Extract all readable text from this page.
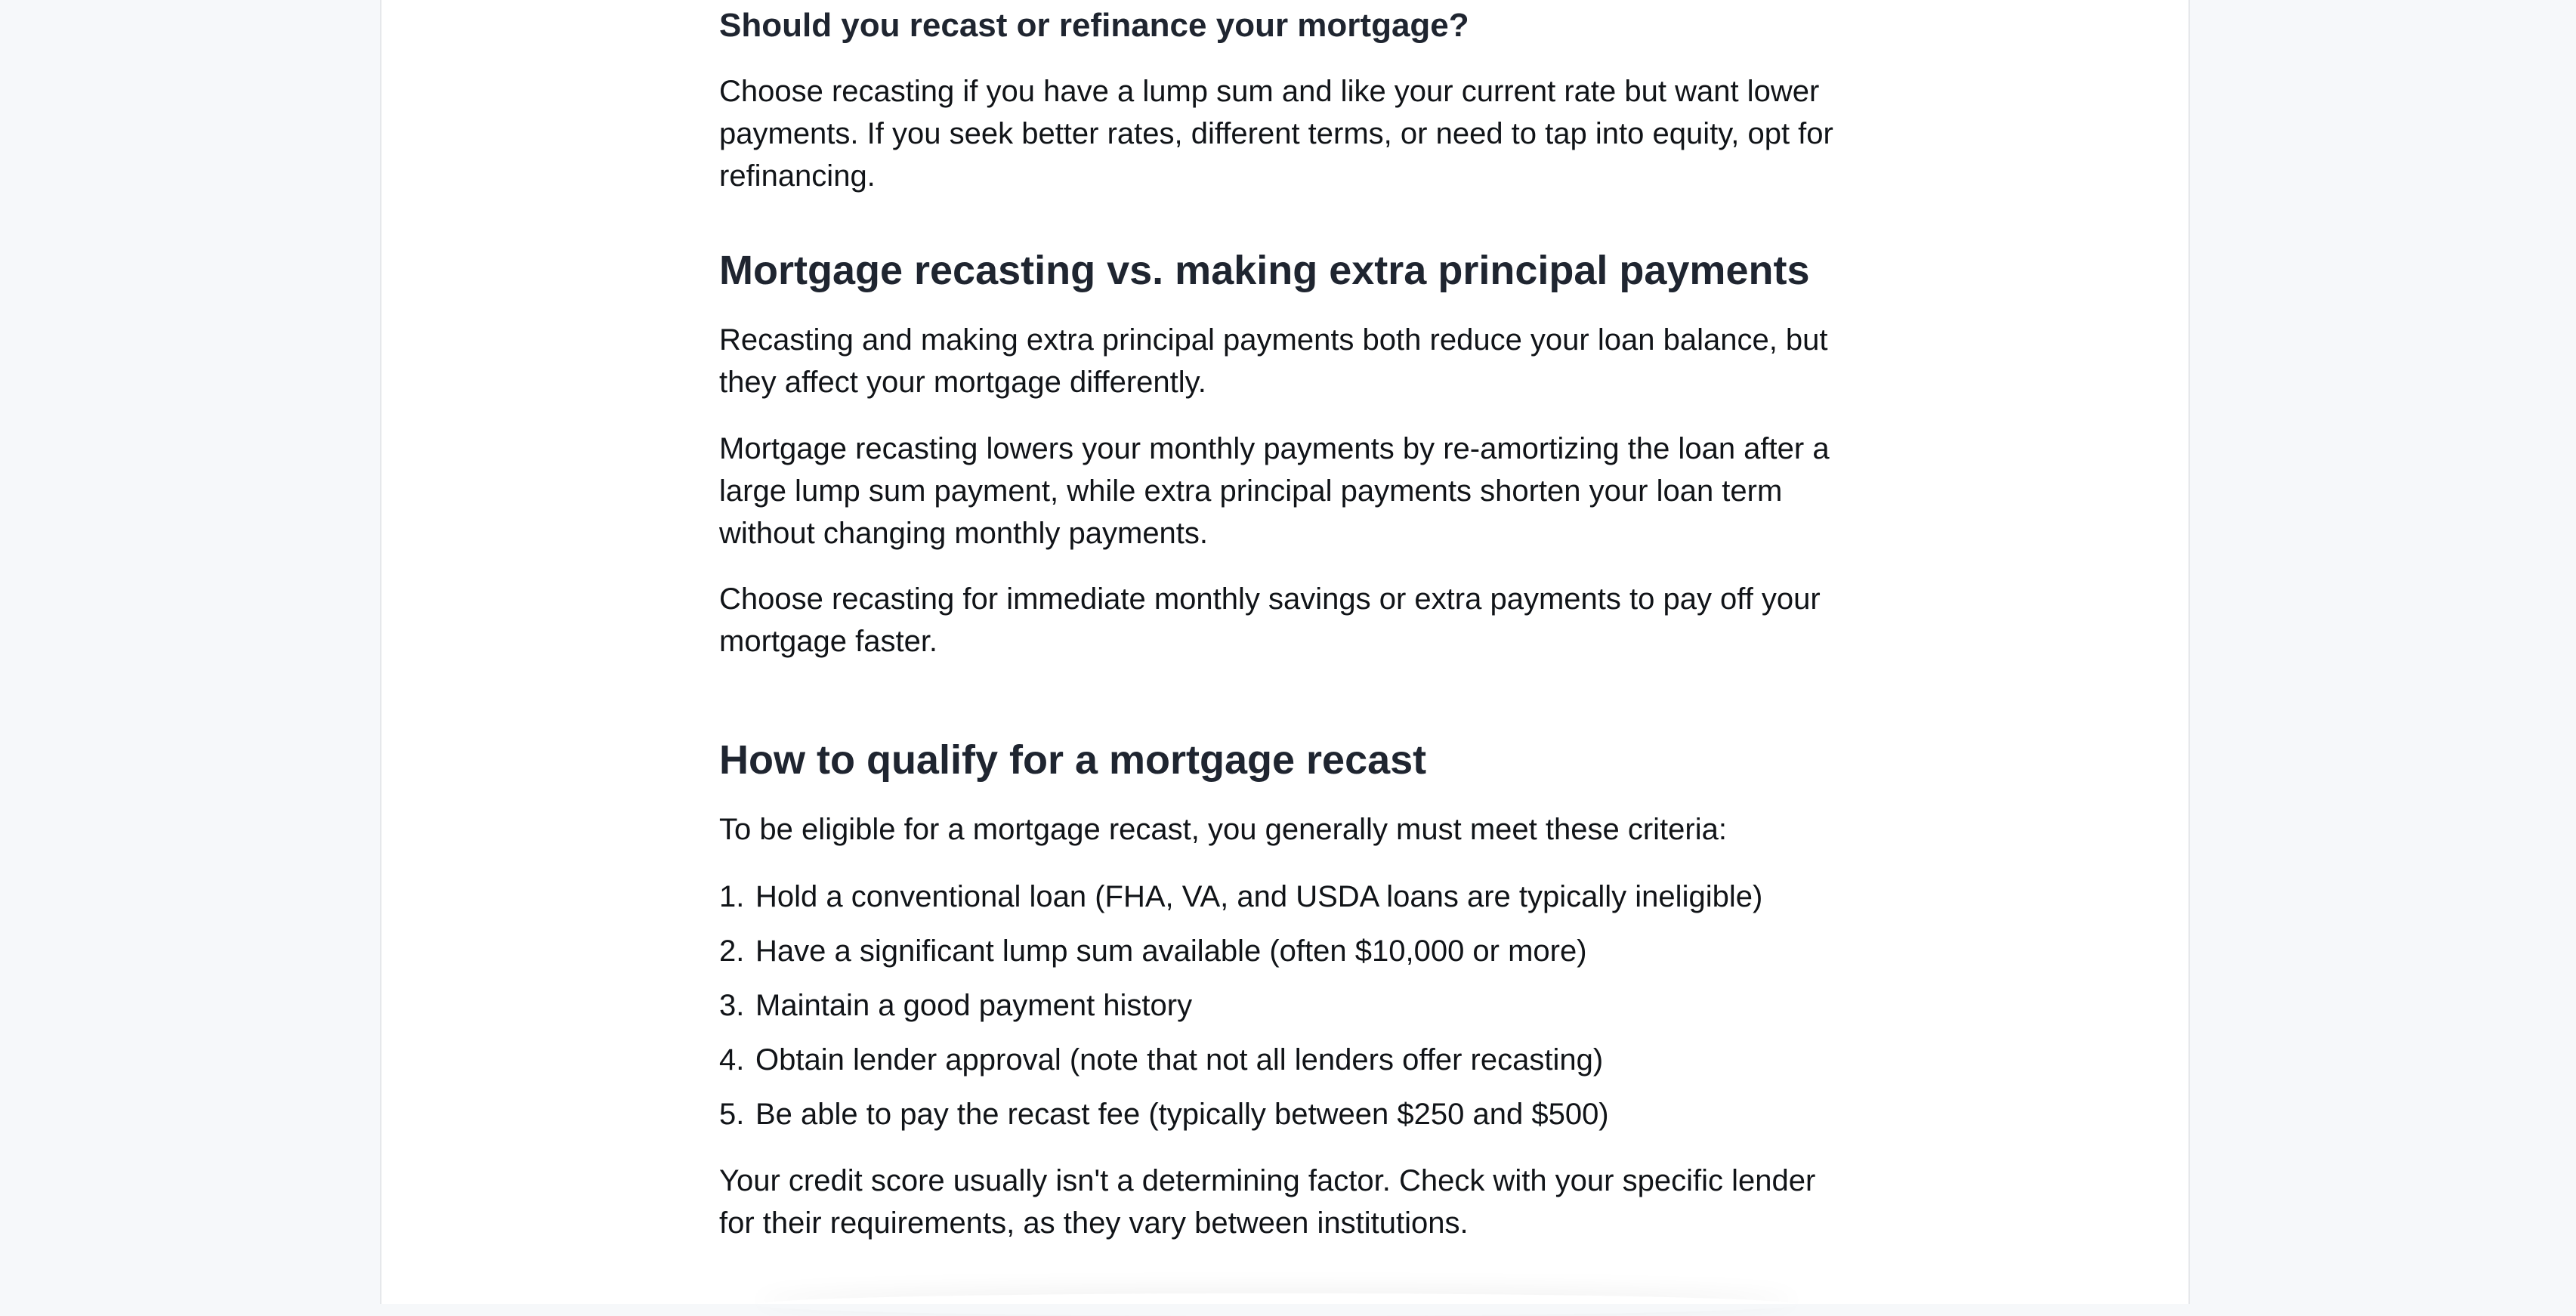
Should you recast or refinance your mortgage?

Choose recasting if you have a lump sum and like your current rate but want lower payments. If you seek better rates, different terms, or need to tap into equity, opt for refinancing.

Mortgage recasting vs. making extra principal payments

Recasting and making extra principal payments both reduce your loan balance, but they affect your mortgage differently.

Mortgage recasting lowers your monthly payments by re-amortizing the loan after a large lump sum payment, while extra principal payments shorten your loan term without changing monthly payments.

Choose recasting for immediate monthly savings or extra payments to pay off your mortgage faster.

How to qualify for a mortgage recast

To be eligible for a mortgage recast, you generally must meet these criteria:

1. Hold a conventional loan (FHA, VA, and USDA loans are typically ineligible)
2. Have a significant lump sum available (often $10,000 or more)
3. Maintain a good payment history
4. Obtain lender approval (note that not all lenders offer recasting)
5. Be able to pay the recast fee (typically between $250 and $500)

Your credit score usually isn't a determining factor. Check with your specific lender for their requirements, as they vary between institutions.
